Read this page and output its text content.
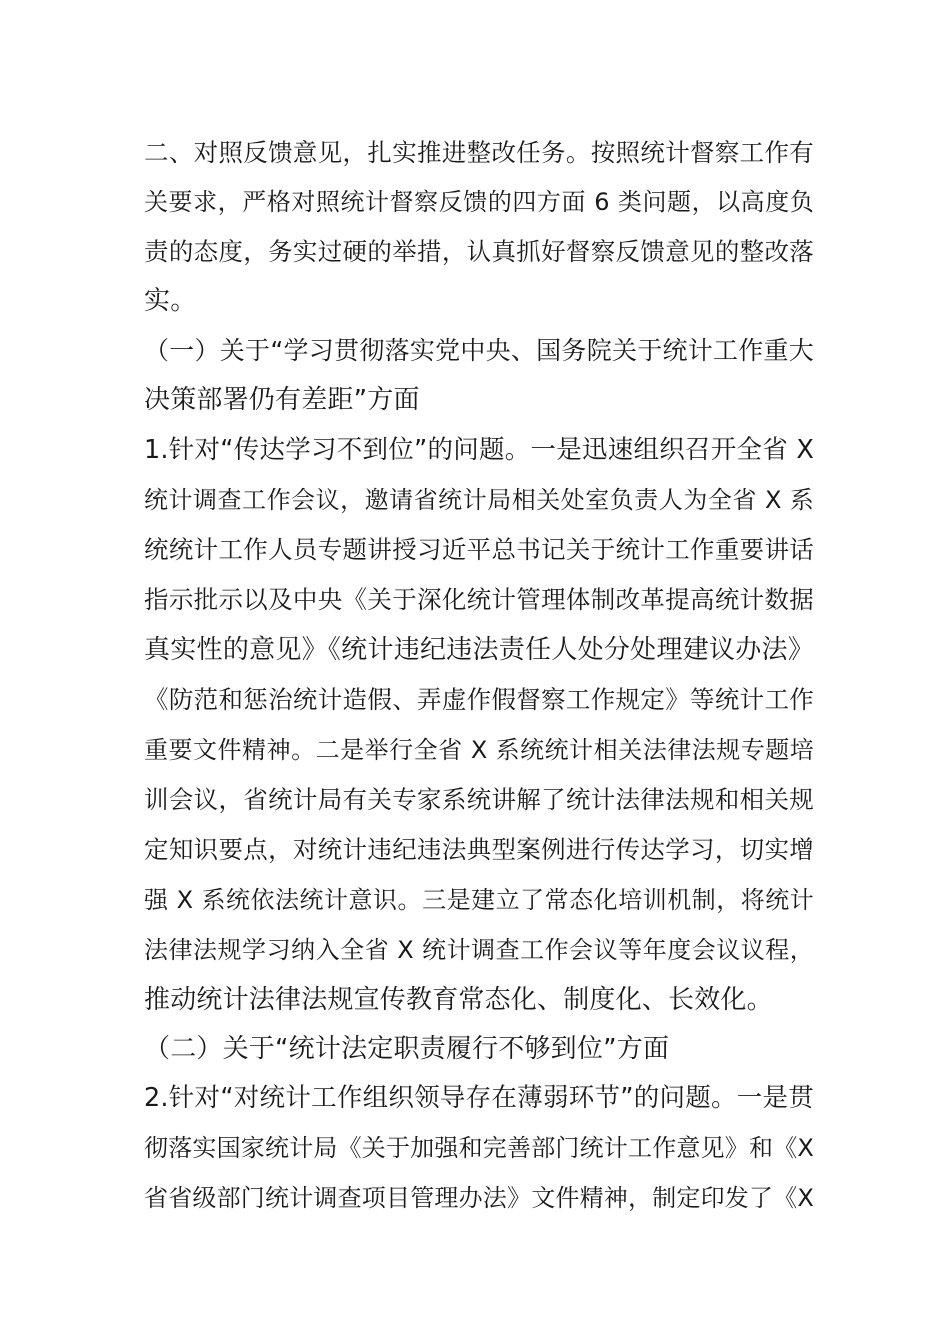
二、对照反馈意见，扎实推进整改任务。按照统计督察工作有
关要求，严格对照统计督察反馈的四方面 6 类问题，以高度负
责的态度，务实过硬的举措，认真抓好督察反馈意见的整改落
实。
（一）关于“学习贯彻落实党中央、国务院关于统计工作重大
决策部署仍有差距”方面
1.针对“传达学习不到位”的问题。一是迅速组织召开全省 X
统计调查工作会议，邀请省统计局相关处室负责人为全省 X 系
统统计工作人员专题讲授习近平总书记关于统计工作重要讲话
指示批示以及中央《关于深化统计管理体制改革提高统计数据
真实性的意见》《统计违纪违法责任人处分处理建议办法》
《防范和惩治统计造假、弄虚作假督察工作规定》等统计工作
重要文件精神。二是举行全省 X 系统统计相关法律法规专题培
训会议，省统计局有关专家系统讲解了统计法律法规和相关规
定知识要点，对统计违纪违法典型案例进行传达学习，切实增
强 X 系统依法统计意识。三是建立了常态化培训机制，将统计
法律法规学习纳入全省 X 统计调查工作会议等年度会议议程，
推动统计法律法规宣传教育常态化、制度化、长效化。
（二）关于“统计法定职责履行不够到位”方面
2.针对“对统计工作组织领导存在薄弱环节”的问题。一是贯
彻落实国家统计局《关于加强和完善部门统计工作意见》和《X
省省级部门统计调查项目管理办法》文件精神，制定印发了《X
